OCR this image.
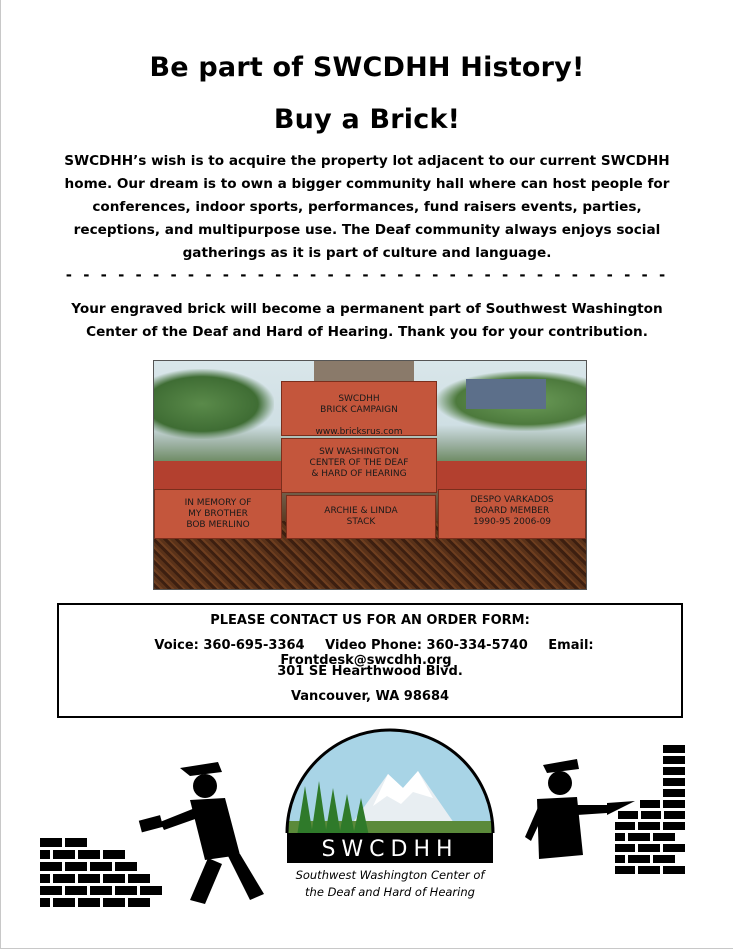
Be part of SWCDHH History!
Buy a Brick!
SWCDHH’s wish is to acquire the property lot adjacent to our current SWCDHH home. Our dream is to own a bigger community hall where can host people for conferences, indoor sports, performances, fund raisers events, parties, receptions, and multipurpose use. The Deaf community always enjoys social gatherings as it is part of culture and language.
- - - - - - - - - - - - - - - - - - - - - - - - - - - - - - - - - - -
Your engraved brick will become a permanent part of Southwest Washington Center of the Deaf and Hard of Hearing. Thank you for your contribution.
SWCDHH
BRICK CAMPAIGN

www.bricksrus.com
SW WASHINGTON
CENTER OF THE DEAF
& HARD OF HEARING
IN MEMORY OF
MY BROTHER
BOB MERLINO
ARCHIE & LINDA
STACK
DESPO VARKADOS
BOARD MEMBER
1990-95 2006-09
PLEASE CONTACT US FOR AN ORDER FORM:
Voice: 360-695-3364 Video Phone: 360-334-5740 Email: Frontdesk@swcdhh.org
301 SE Hearthwood Blvd.
Vancouver, WA 98684
SWCDHH
Southwest Washington Center of
the Deaf and Hard of Hearing
